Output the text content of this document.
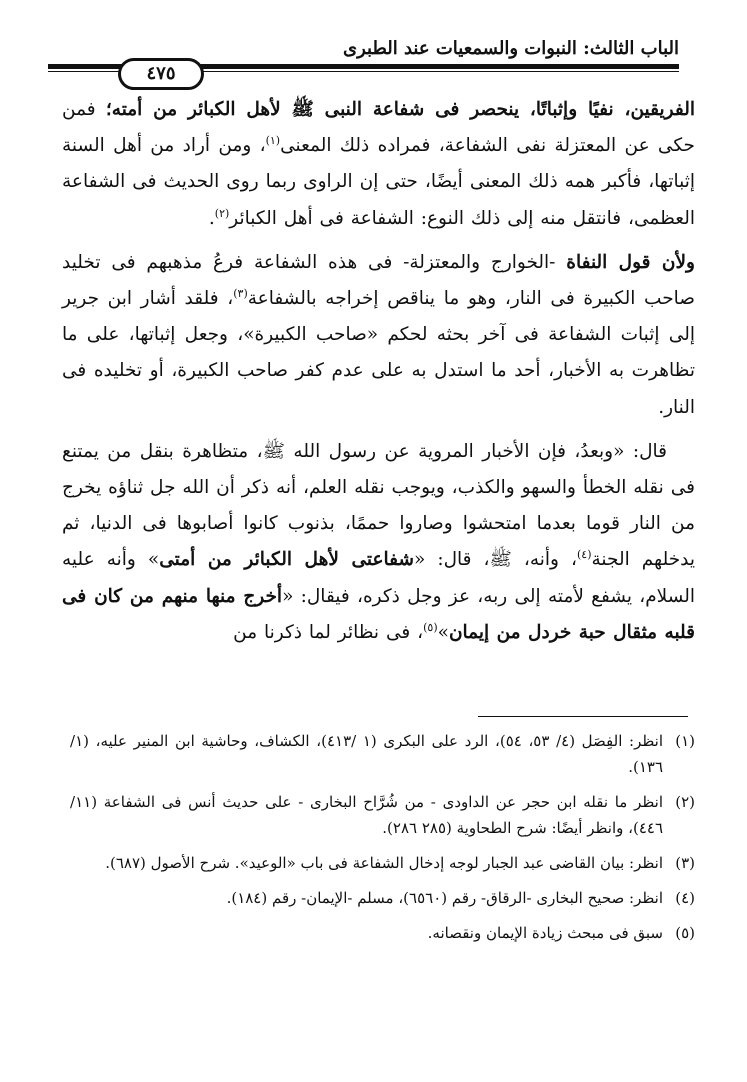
الباب الثالث: النبوات والسمعيات عند الطبرى
٤٧٥

الفريقين، نفيًا وإثباتًا، ينحصر فى شفاعة النبى ﷺ لأهل الكبائر من أمته؛ فمن حكى عن المعتزلة نفى الشفاعة، فمراده ذلك المعنى$^{(١)}$، ومن أراد من أهل السنة إثباتها، فأكبر همه ذلك المعنى أيضًا، حتى إن الراوى ربما روى الحديث فى الشفاعة العظمى، فانتقل منه إلى ذلك النوع: الشفاعة فى أهل الكبائر$^{(٢)}$.

ولأن قول النفاة -الخوارج والمعتزلة- فى هذه الشفاعة فرعُ مذهبهم فى تخليد صاحب الكبيرة فى النار، وهو ما يناقص إخراجه بالشفاعة$^{(٣)}$، فلقد أشار ابن جرير إلى إثبات الشفاعة فى آخر بحثه لحكم «صاحب الكبيرة»، وجعل إثباتها، على ما تظاهرت به الأخبار، أحد ما استدل به على عدم كفر صاحب الكبيرة، أو تخليده فى النار.

قال: «وبعدُ، فإن الأخبار المروية عن رسول الله ﷺ، متظاهرة بنقل من يمتنع فى نقله الخطأ والسهو والكذب، ويوجب نقله العلم، أنه ذكر أن الله جل ثناؤه يخرج من النار قوما بعدما امتحشوا وصاروا حممًا، بذنوب كانوا أصابوها فى الدنيا، ثم يدخلهم الجنة$^{(٤)}$، وأنه، ﷺ، قال: «شفاعتى لأهل الكبائر من أمتى» وأنه عليه السلام، يشفع لأمته إلى ربه، عز وجل ذكره، فيقال: «أخرج منها منهم من كان فى قلبه مثقال حبة خردل من إيمان»$^{(٥)}$، فى نظائر لما ذكرنا من

(١)
انظر: الفِصَل (٤/ ٥٣، ٥٤)، الرد على البكرى (١ /٤١٣)، الكشاف، وحاشية ابن المنير عليه، (١/ ١٣٦).
(٢)
انظر ما نقله ابن حجر عن الداودى - من شُرَّاح البخارى - على حديث أنس فى الشفاعة (١١/ ٤٤٦)، وانظر أيضًا: شرح الطحاوية (٢٨٥ ٢٨٦).
(٣)
انظر: بيان القاضى عبد الجبار لوجه إدخال الشفاعة فى باب «الوعيد». شرح الأصول (٦٨٧).
(٤)
انظر: صحيح البخارى -الرقاق- رقم (٦٥٦٠)، مسلم -الإيمان- رقم (١٨٤).
(٥)
سبق فى مبحث زيادة الإيمان ونقصانه.
